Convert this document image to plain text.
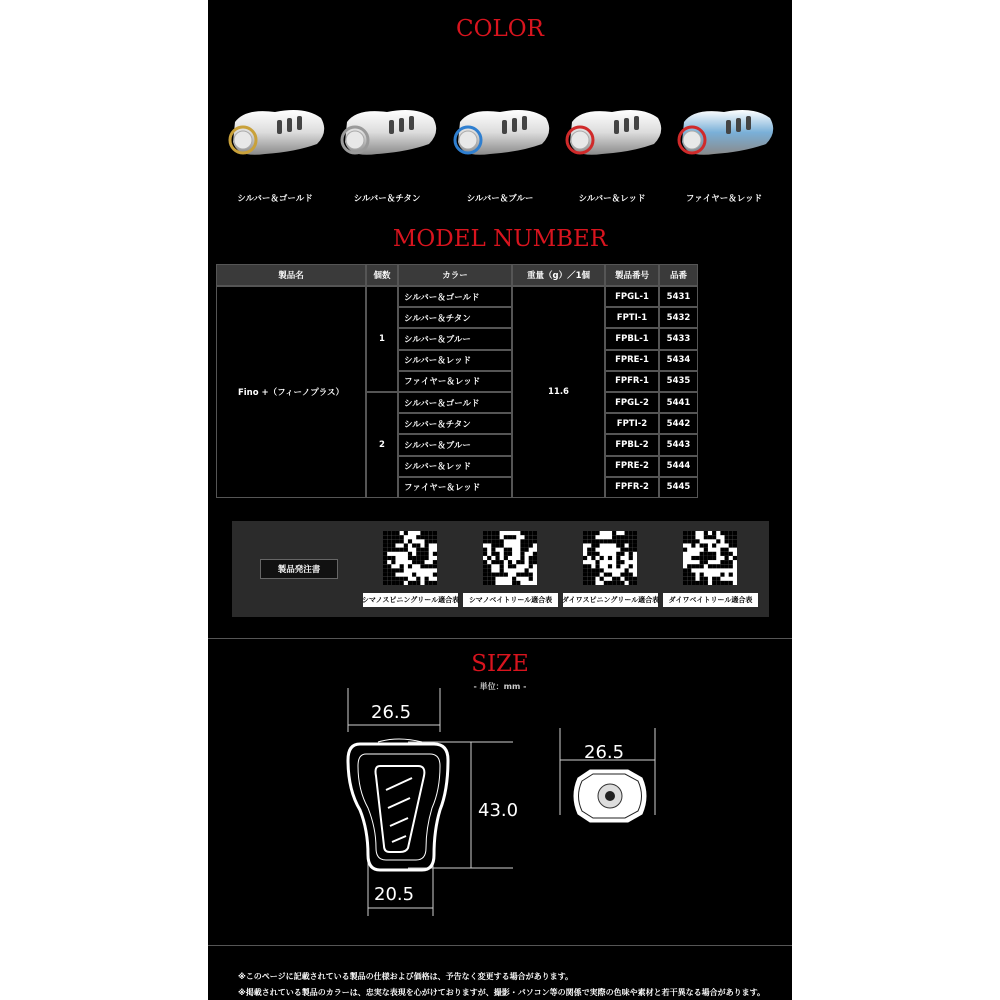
COLOR
シルバー＆ゴールド	シルバー＆チタン	シルバー＆ブルー	シルバー＆レッド	ファイヤー＆レッド
MODEL NUMBER
製品名	個数	カラー	重量（g）／1個	製品番号	品番
Fino +（フィーノプラス）	11.6
1
シルバー＆ゴールド	FPGL-1	5431
シルバー＆チタン	FPTI-1	5432
シルバー＆ブルー	FPBL-1	5433
シルバー＆レッド	FPRE-1	5434
ファイヤー＆レッド	FPFR-1	5435
2
シルバー＆ゴールド	FPGL-2	5441
シルバー＆チタン	FPTI-2	5442
シルバー＆ブルー	FPBL-2	5443
シルバー＆レッド	FPRE-2	5444
ファイヤー＆レッド	FPFR-2	5445
製品発注書
シマノスピニングリール適合表	シマノベイトリール適合表	ダイワスピニングリール適合表	ダイワベイトリール適合表
SIZE
- 単位：mm -
26.5
43.0
20.5
26.5
※このページに記載されている製品の仕様および価格は、予告なく変更する場合があります。
※掲載されている製品のカラーは、忠実な表現を心がけておりますが、撮影・パソコン等の関係で実際の色味や素材と若干異なる場合があります。
